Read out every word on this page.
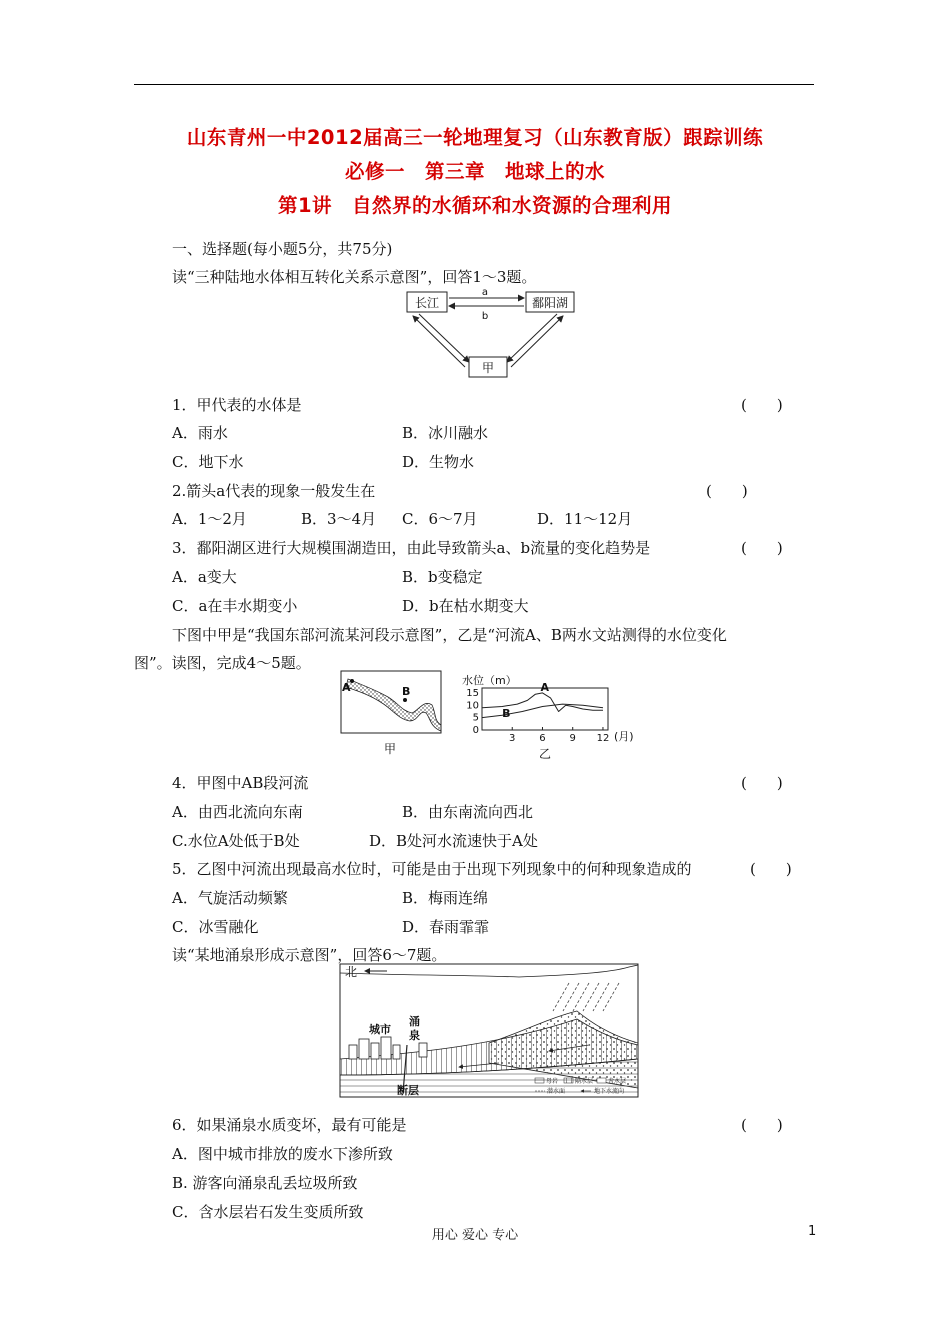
山东青州一中2012届高三一轮地理复习（山东教育版）跟踪训练
必修一　第三章　地球上的水
第1讲　自然界的水循环和水资源的合理利用
一、选择题(每小题5分，共75分)
读“三种陆地水体相互转化关系示意图”，回答1～3题。
长江	鄱阳湖
甲
a
b
1．甲代表的水体是	(　　)
A．雨水	B．冰川融水
C．地下水	D．生物水
2.箭头a代表的现象一般发生在	(　　)
A．1～2月	B．3～4月 C．6～7月	D．11～12月
3．鄱阳湖区进行大规模围湖造田，由此导致箭头a、b流量的变化趋势是	(　　)
A．a变大	B．b变稳定
C．a在丰水期变小	D．b在枯水期变大
下图中甲是“我国东部河流某河段示意图”，乙是“河流A、B两水文站测得的水位变化
图”。读图，完成4～5题。
A	B
甲
水位（m）
0
5
10
15
3 6 9 12
A
B
(月)
乙
4．甲图中AB段河流	(　　)
A．由西北流向东南	B．由东南流向西北
C.水位A处低于B处	D．B处河水流速快于A处
5．乙图中河流出现最高水位时，可能是由于出现下列现象中的何种现象造成的	(　　)
A．气旋活动频繁	B．梅雨连绵
C．冰雪融化	D．春雨霏霏
读“某地涌泉形成示意图”，回答6～7题。
北
城市
涌
泉
断层
母岩	隔水层 含水层
潜水面	地下水流向
6．如果涌泉水质变坏，最有可能是	(　　)
A．图中城市排放的废水下渗所致
B. 游客向涌泉乱丢垃圾所致
C．含水层岩石发生变质所致
用心 爱心 专心	1
